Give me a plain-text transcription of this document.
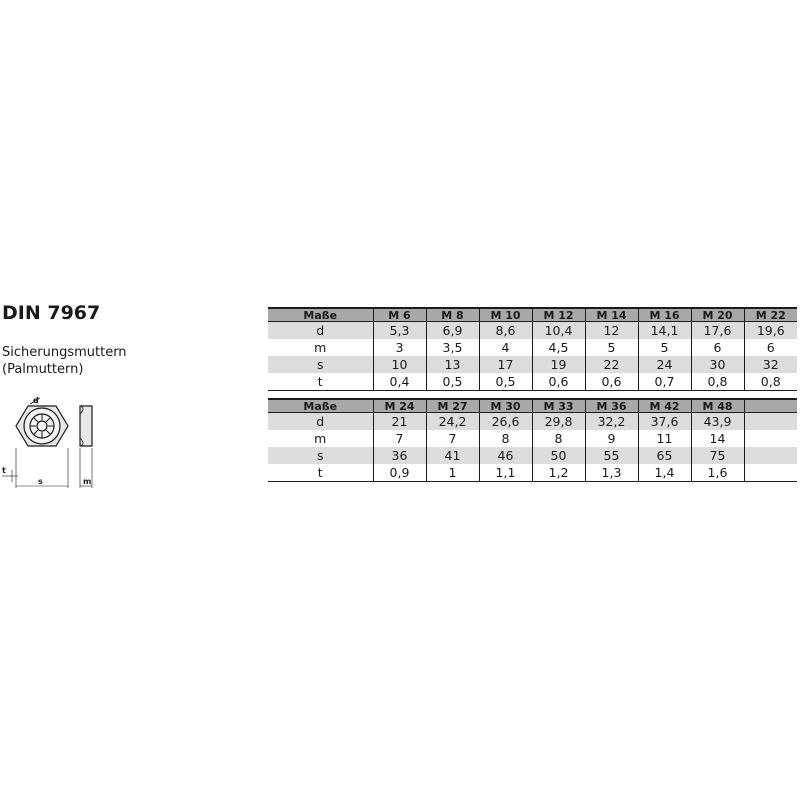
DIN 7967
Sicherungsmuttern
(Palmuttern)
d
t
s	m
Maße	M 6	M 8	M 10	M 12	M 14	M 16	M 20	M 22
d	5,3	6,9	8,6	10,4	12	14,1	17,6	19,6
m	3	3,5	4	4,5	5	5	6	6
s	10	13	17	19	22	24	30	32
t	0,4	0,5	0,5	0,6	0,6	0,7	0,8	0,8
Maße	M 24	M 27	M 30	M 33	M 36	M 42	M 48	
d	21	24,2	26,6	29,8	32,2	37,6	43,9	
m	7	7	8	8	9	11	14	
s	36	41	46	50	55	65	75	
t	0,9	1	1,1	1,2	1,3	1,4	1,6	
